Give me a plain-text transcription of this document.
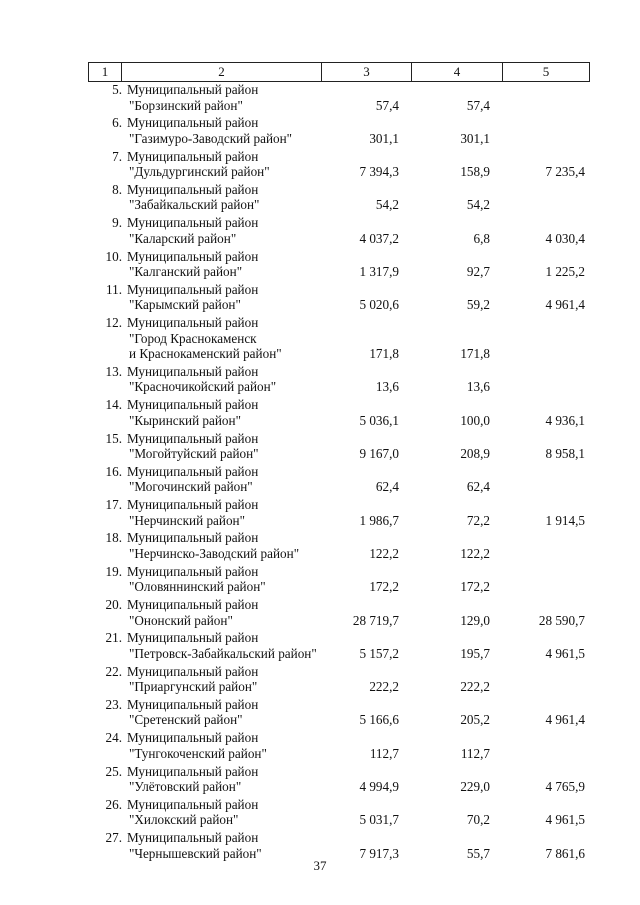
1	2	3	4	5
5. Муниципальный район
"Борзинский район"	57,4	57,4
6. Муниципальный район
"Газимуро-Заводский район"	301,1	301,1
7. Муниципальный район
"Дульдургинский район"	7 394,3	158,9	7 235,4
8. Муниципальный район
"Забайкальский район"	54,2	54,2
9. Муниципальный район
"Каларский район"	4 037,2	6,8	4 030,4
10. Муниципальный район
"Калганский район"	1 317,9	92,7	1 225,2
11. Муниципальный район
"Карымский район"	5 020,6	59,2	4 961,4
12. Муниципальный район
"Город Краснокаменск
и Краснокаменский район"	171,8	171,8
13. Муниципальный район
"Красночикойский район"	13,6	13,6
14. Муниципальный район
"Кыринский район"	5 036,1	100,0	4 936,1
15. Муниципальный район
"Могойтуйский район"	9 167,0	208,9	8 958,1
16. Муниципальный район
"Могочинский район"	62,4	62,4
17. Муниципальный район
"Нерчинский район"	1 986,7	72,2	1 914,5
18. Муниципальный район
"Нерчинско-Заводский район"	122,2	122,2
19. Муниципальный район
"Оловяннинский район"	172,2	172,2
20. Муниципальный район
"Ононский район"	28 719,7	129,0	28 590,7
21. Муниципальный район
"Петровск-Забайкальский район"	5 157,2	195,7	4 961,5
22. Муниципальный район
"Приаргунский район"	222,2	222,2
23. Муниципальный район
"Сретенский район"	5 166,6	205,2	4 961,4
24. Муниципальный район
"Тунгокоченский район"	112,7	112,7
25. Муниципальный район
"Улётовский район"	4 994,9	229,0	4 765,9
26. Муниципальный район
"Хилокский район"	5 031,7	70,2	4 961,5
27. Муниципальный район
"Чернышевский район"	7 917,3	55,7	7 861,6
37
